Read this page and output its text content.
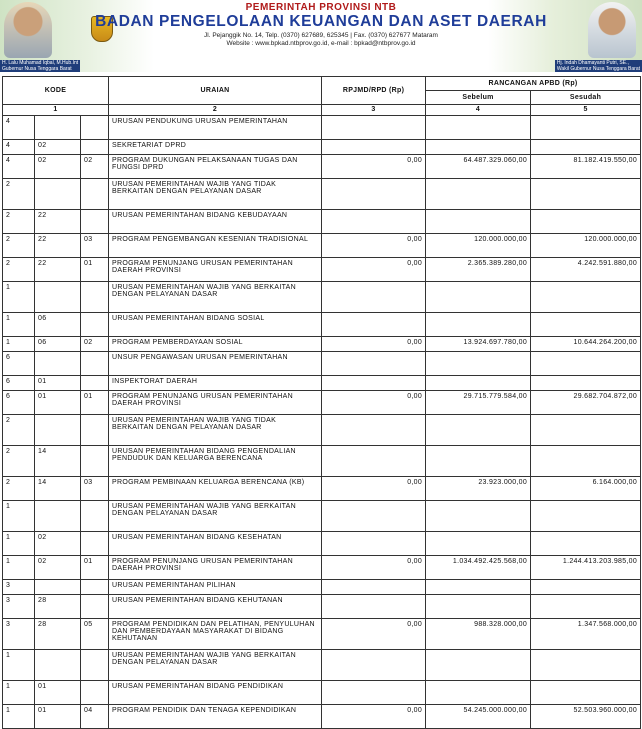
H. Lalu Muhamad Iqbal, M.Hub.Int
Gubernur Nusa Tenggara Barat
PEMERINTAH PROVINSI NTB
BADAN PENGELOLAAN KEUANGAN DAN ASET DAERAH
Jl. Pejanggik No. 14, Telp. (0370) 627689, 625345 | Fax. (0370) 627677 Mataram
Website : www.bpkad.ntbprov.go.id, e-mail : bpkad@ntbprov.go.id
Hj. Indah Dhamayanti Putri, SE.,
Wakil Gubernur Nusa Tenggara Barat
KODE			URAIAN	RPJMD/RPD (Rp)	RANCANGAN APBD (Rp)	
					Sebelum	Sesudah
1			2	3	4	5
4			URUSAN PENDUKUNG URUSAN PEMERINTAHAN			
4	02		SEKRETARIAT DPRD			
4	02	02	PROGRAM DUKUNGAN PELAKSANAAN TUGAS DAN FUNGSI DPRD	0,00	64.487.329.060,00	81.182.419.550,00
2			URUSAN PEMERINTAHAN WAJIB YANG TIDAK BERKAITAN DENGAN PELAYANAN DASAR			
2	22		URUSAN PEMERINTAHAN BIDANG KEBUDAYAAN			
2	22	03	PROGRAM PENGEMBANGAN KESENIAN TRADISIONAL	0,00	120.000.000,00	120.000.000,00
2	22	01	PROGRAM PENUNJANG URUSAN PEMERINTAHAN DAERAH PROVINSI	0,00	2.365.389.280,00	4.242.591.880,00
1			URUSAN PEMERINTAHAN WAJIB YANG BERKAITAN DENGAN PELAYANAN DASAR			
1	06		URUSAN PEMERINTAHAN BIDANG SOSIAL			
1	06	02	PROGRAM PEMBERDAYAAN SOSIAL	0,00	13.924.697.780,00	10.644.264.200,00
6			UNSUR PENGAWASAN URUSAN PEMERINTAHAN			
6	01		INSPEKTORAT DAERAH			
6	01	01	PROGRAM PENUNJANG URUSAN PEMERINTAHAN DAERAH PROVINSI	0,00	29.715.779.584,00	29.682.704.872,00
2			URUSAN PEMERINTAHAN WAJIB YANG TIDAK BERKAITAN DENGAN PELAYANAN DASAR			
2	14		URUSAN PEMERINTAHAN BIDANG PENGENDALIAN PENDUDUK DAN KELUARGA BERENCANA			
2	14	03	PROGRAM PEMBINAAN KELUARGA BERENCANA (KB)	0,00	23.923.000,00	6.164.000,00
1			URUSAN PEMERINTAHAN WAJIB YANG BERKAITAN DENGAN PELAYANAN DASAR			
1	02		URUSAN PEMERINTAHAN BIDANG KESEHATAN			
1	02	01	PROGRAM PENUNJANG URUSAN PEMERINTAHAN DAERAH PROVINSI	0,00	1.034.492.425.568,00	1.244.413.203.985,00
3			URUSAN PEMERINTAHAN PILIHAN			
3	28		URUSAN PEMERINTAHAN BIDANG KEHUTANAN			
3	28	05	PROGRAM PENDIDIKAN DAN PELATIHAN, PENYULUHAN DAN PEMBERDAYAAN MASYARAKAT DI BIDANG KEHUTANAN	0,00	988.328.000,00	1.347.568.000,00
1			URUSAN PEMERINTAHAN WAJIB YANG BERKAITAN DENGAN PELAYANAN DASAR			
1	01		URUSAN PEMERINTAHAN BIDANG PENDIDIKAN			
1	01	04	PROGRAM PENDIDIK DAN TENAGA KEPENDIDIKAN	0,00	54.245.000.000,00	52.503.960.000,00
